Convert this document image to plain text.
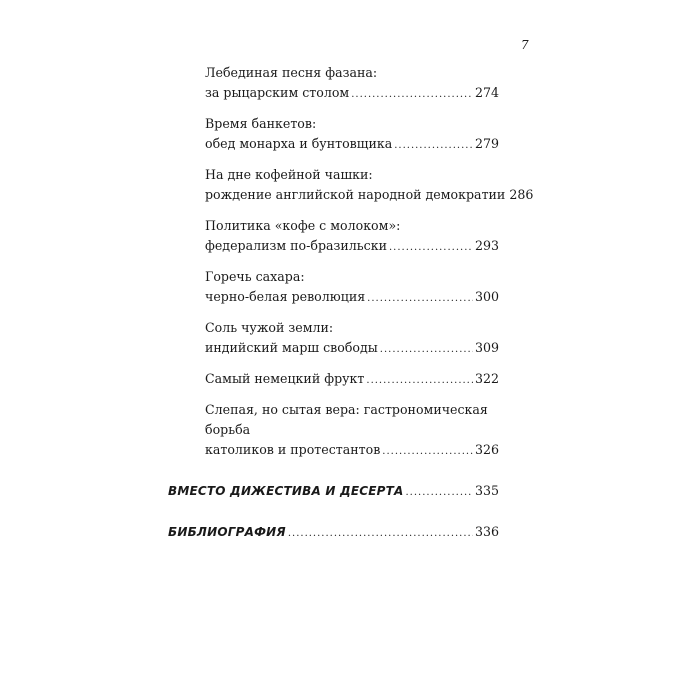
7
Лебединая песня фазана:
за рыцарским столом .....	274
Время банкетов:
обед монарха и бунтовщика .....	279
На дне кофейной чашки:
рождение английской народной демократии 286
Политика «кофе с молоком»:
федерализм по-бразильски .....	293
Горечь сахара:
черно-белая революция .....	300
Соль чужой земли:
индийский марш свободы .....	309
Самый немецкий фрукт .....	322
Слепая, но сытая вера: гастрономическая борьба
католиков и протестантов .....	326
ВМЕСТО ДИЖЕСТИВА И ДЕСЕРТА .....	335
БИБЛИОГРАФИЯ .....	336
